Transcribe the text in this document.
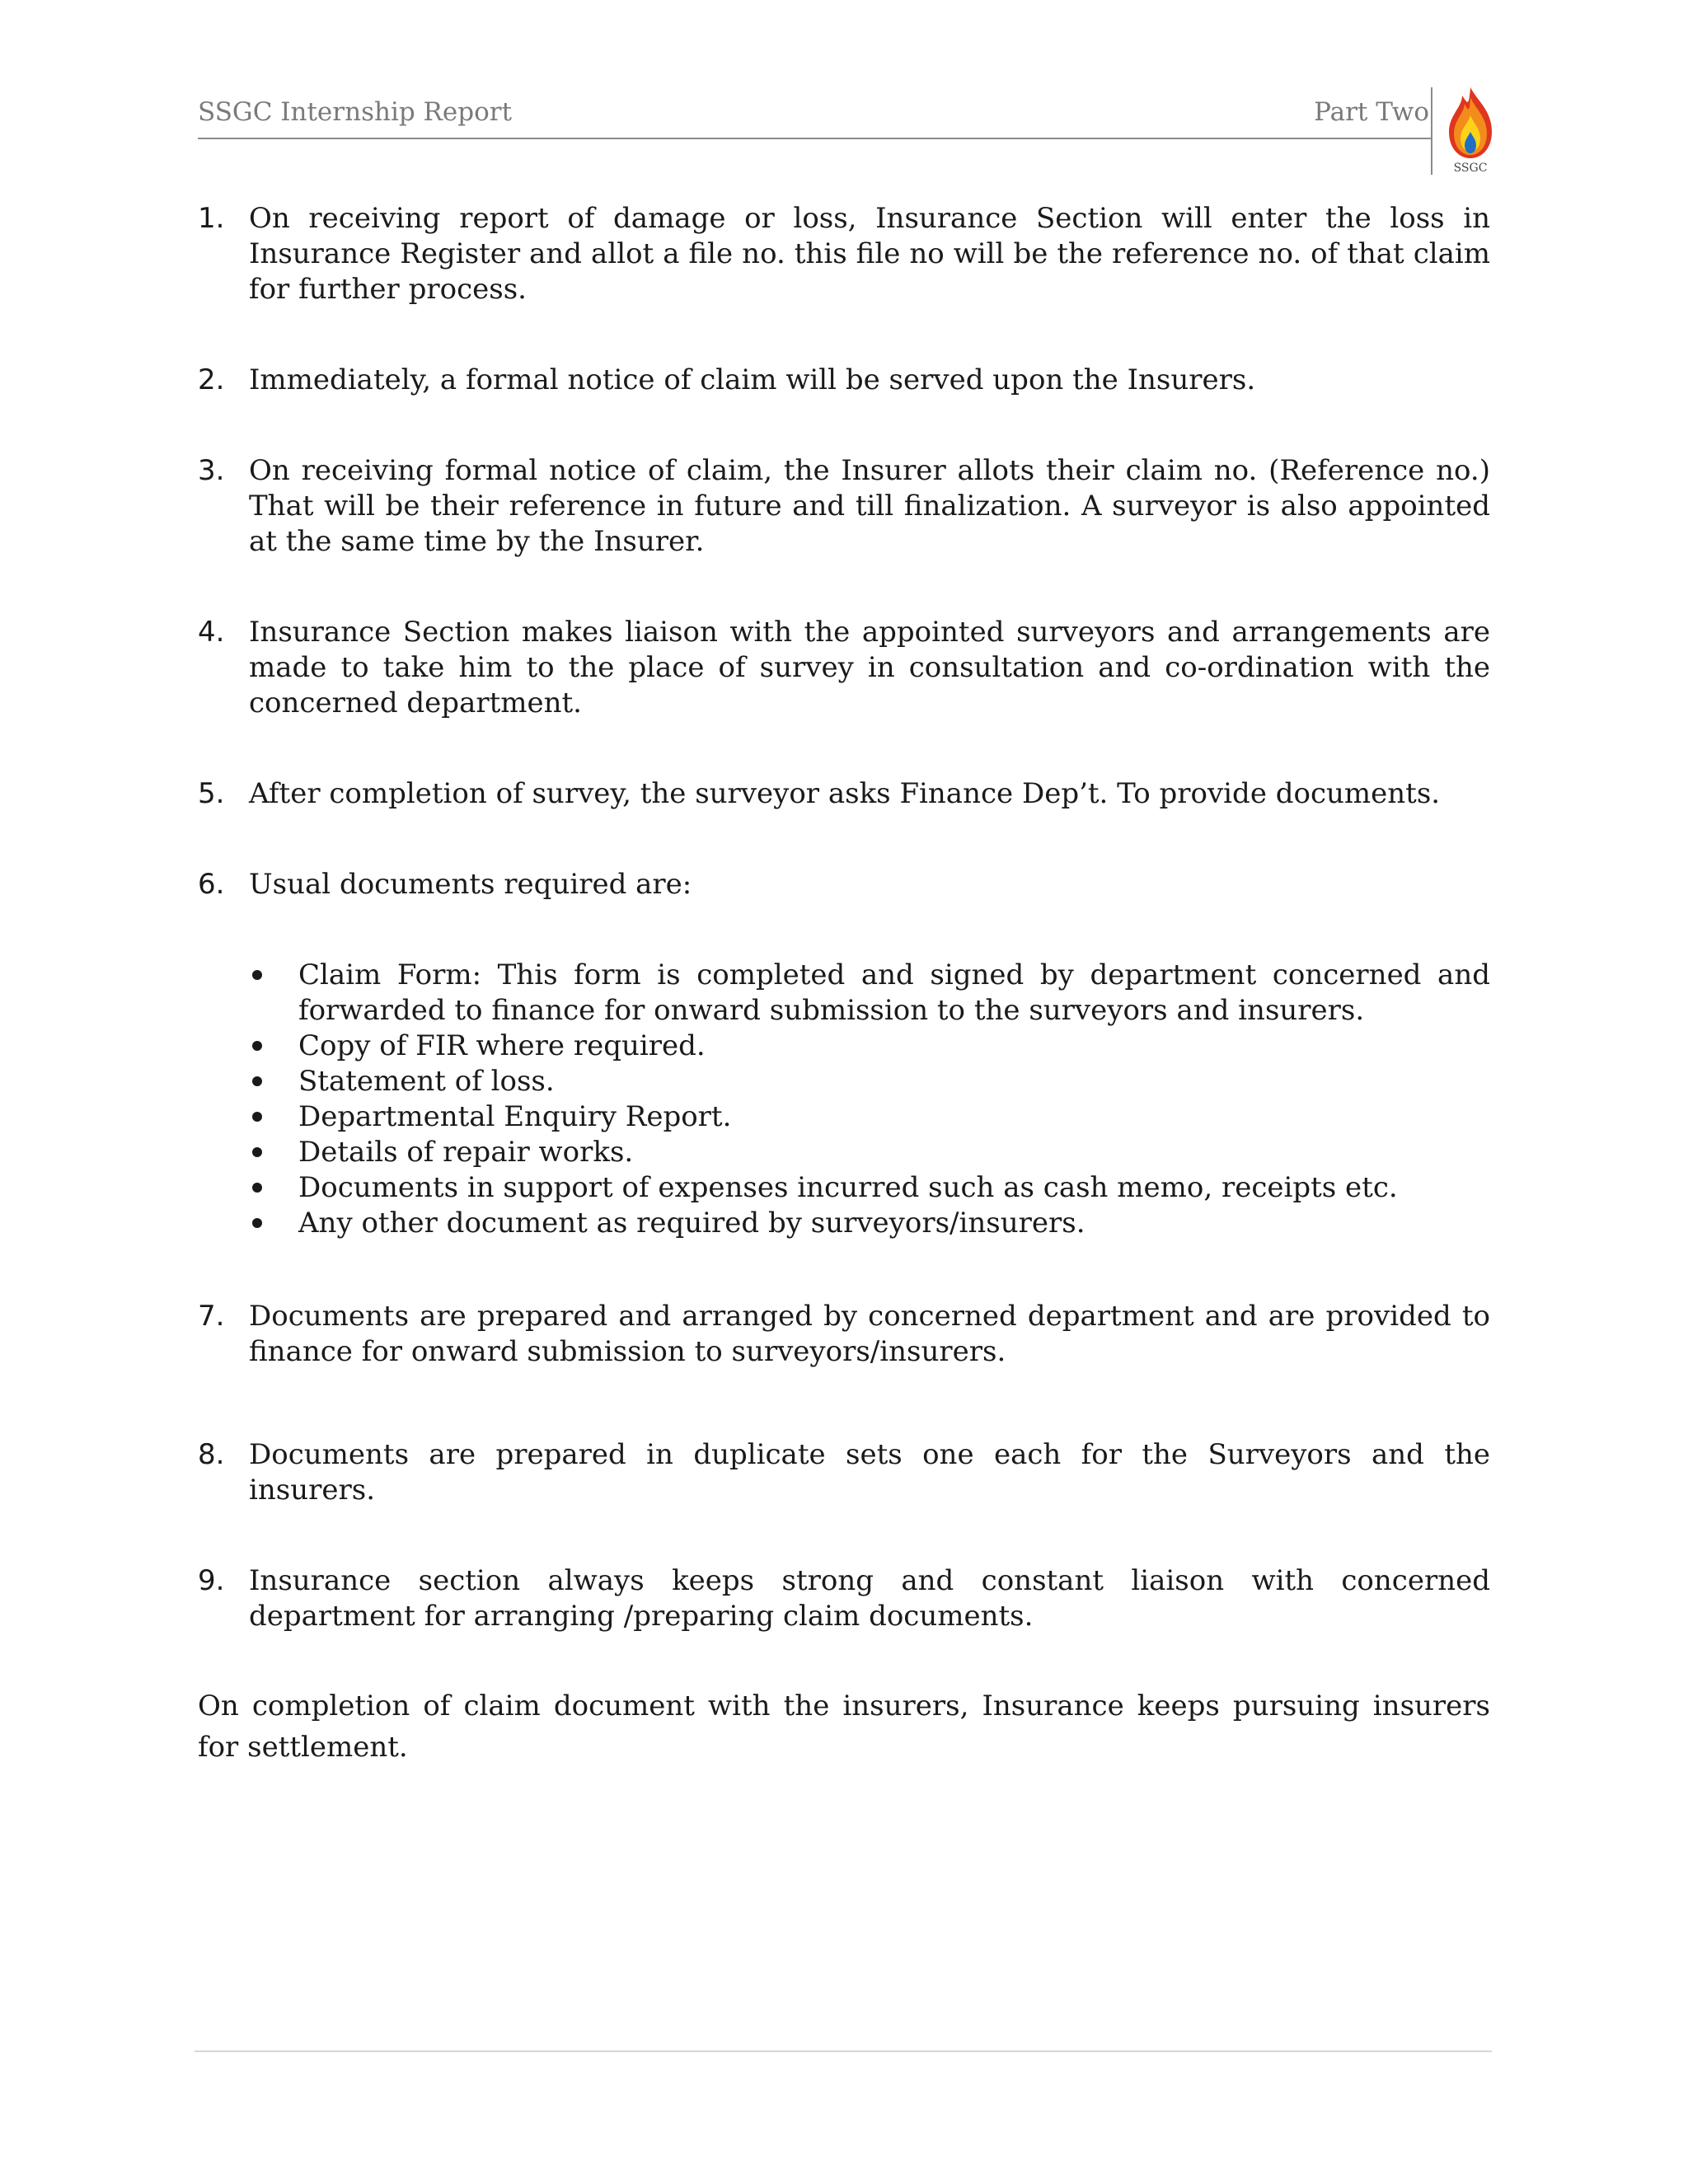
SSGC Internship Report	Part Two
SSGC
1. On receiving report of damage or loss, Insurance Section will enter the loss in Insurance Register and allot a file no. this file no will be the reference no. of that claim for further process.
2. Immediately, a formal notice of claim will be served upon the Insurers.
3. On receiving formal notice of claim, the Insurer allots their claim no. (Reference no.) That will be their reference in future and till finalization. A surveyor is also appointed at the same time by the Insurer.
4. Insurance Section makes liaison with the appointed surveyors and arrangements are made to take him to the place of survey in consultation and co-ordination with the concerned department.
5. After completion of survey, the surveyor asks Finance Dep’t. To provide documents.
6. Usual documents required are:
Claim Form: This form is completed and signed by department concerned and forwarded to finance for onward submission to the surveyors and insurers.
Copy of FIR where required.
Statement of loss.
Departmental Enquiry Report.
Details of repair works.
Documents in support of expenses incurred such as cash memo, receipts etc.
Any other document as required by surveyors/insurers.
7. Documents are prepared and arranged by concerned department and are provided to finance for onward submission to surveyors/insurers.
8. Documents are prepared in duplicate sets one each for the Surveyors and the insurers.
9. Insurance section always keeps strong and constant liaison with concerned department for arranging /preparing claim documents.
On completion of claim document with the insurers, Insurance keeps pursuing insurers for settlement.
